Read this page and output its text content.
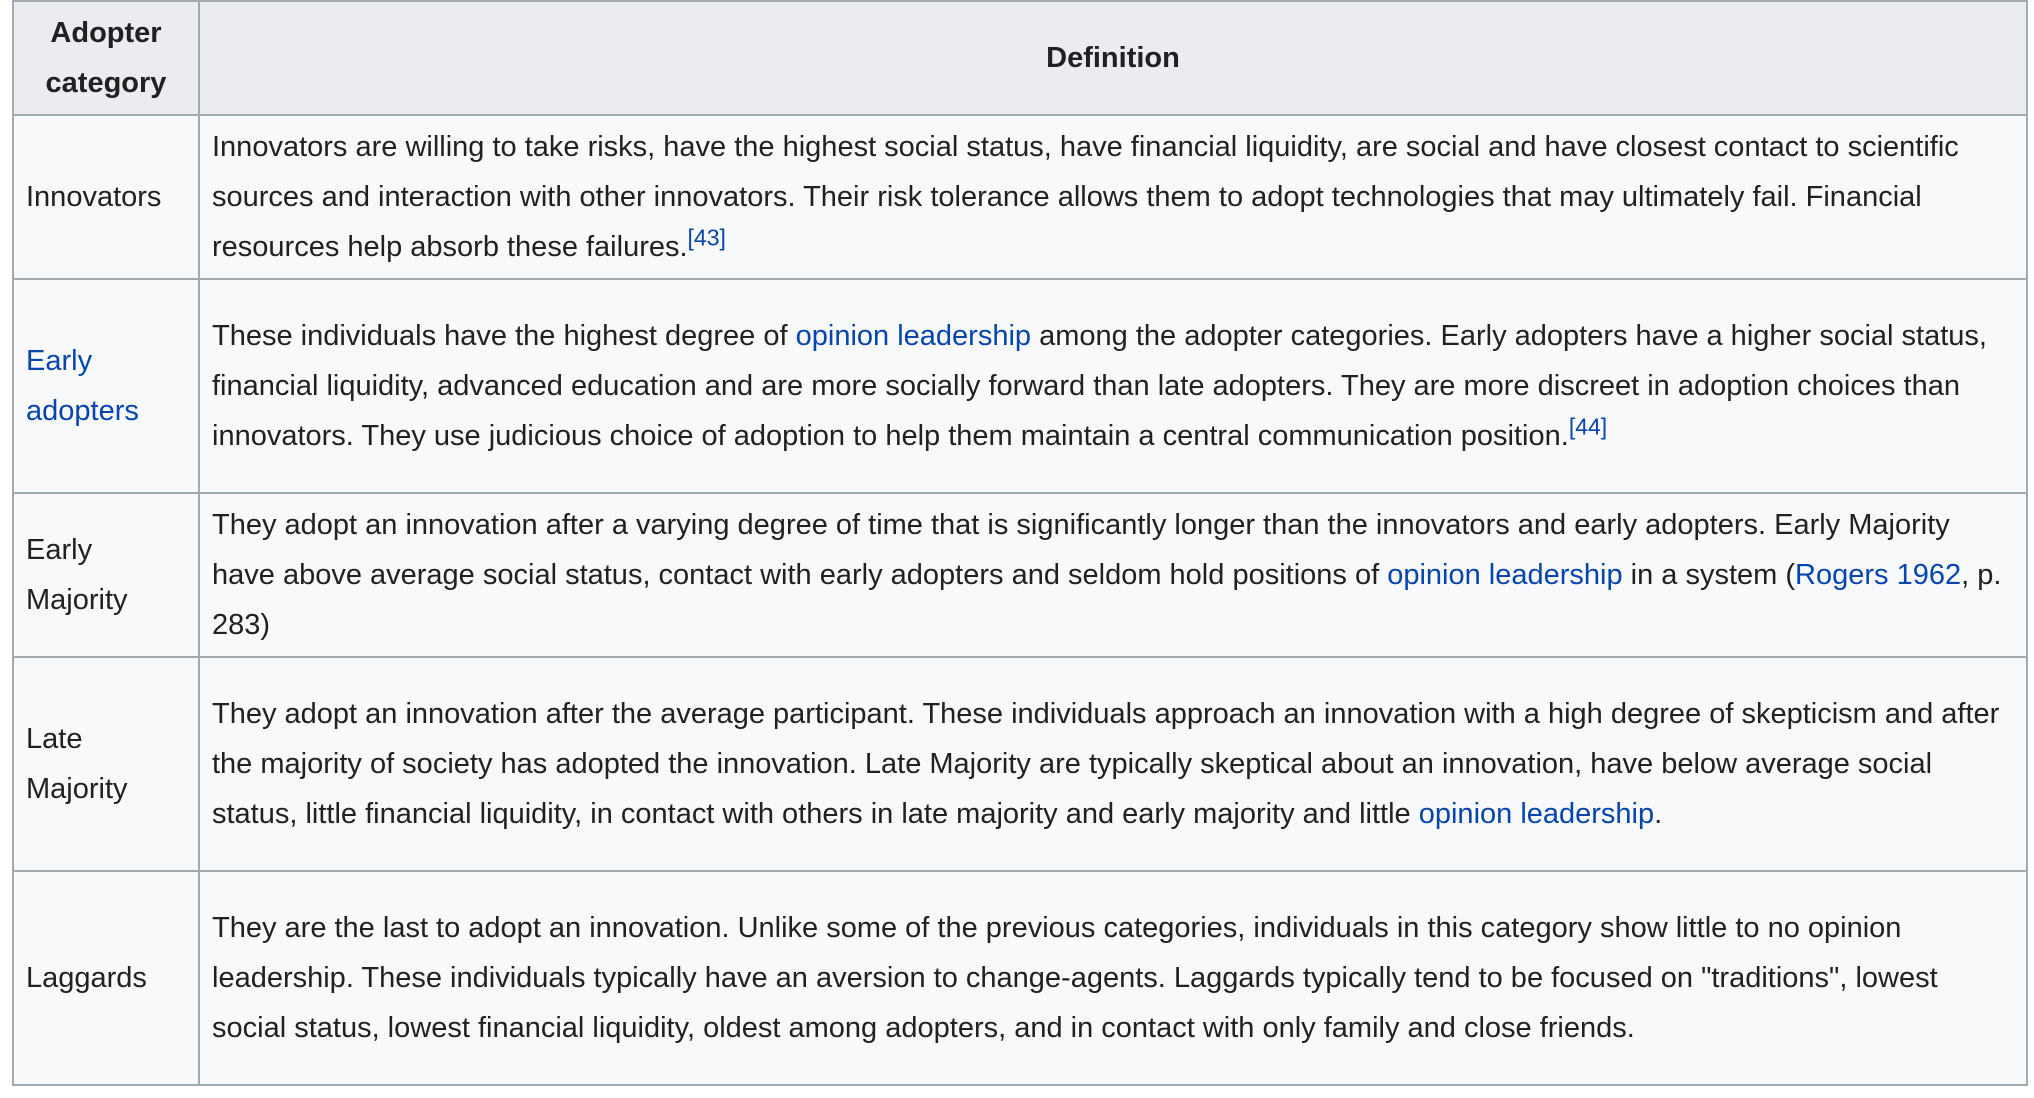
Adopter category	Definition
Innovators	Innovators are willing to take risks, have the highest social status, have financial liquidity, are social and have closest contact to scientific sources and interaction with other innovators. Their risk tolerance allows them to adopt technologies that may ultimately fail. Financial resources help absorb these failures.[43]
Early adopters	These individuals have the highest degree of opinion leadership among the adopter categories. Early adopters have a higher social status, financial liquidity, advanced education and are more socially forward than late adopters. They are more discreet in adoption choices than innovators. They use judicious choice of adoption to help them maintain a central communication position.[44]
Early Majority	They adopt an innovation after a varying degree of time that is significantly longer than the innovators and early adopters. Early Majority have above average social status, contact with early adopters and seldom hold positions of opinion leadership in a system (Rogers 1962, p. 283)
Late Majority	They adopt an innovation after the average participant. These individuals approach an innovation with a high degree of skepticism and after the majority of society has adopted the innovation. Late Majority are typically skeptical about an innovation, have below average social status, little financial liquidity, in contact with others in late majority and early majority and little opinion leadership.
Laggards	They are the last to adopt an innovation. Unlike some of the previous categories, individuals in this category show little to no opinion leadership. These individuals typically have an aversion to change-agents. Laggards typically tend to be focused on "traditions", lowest social status, lowest financial liquidity, oldest among adopters, and in contact with only family and close friends.
